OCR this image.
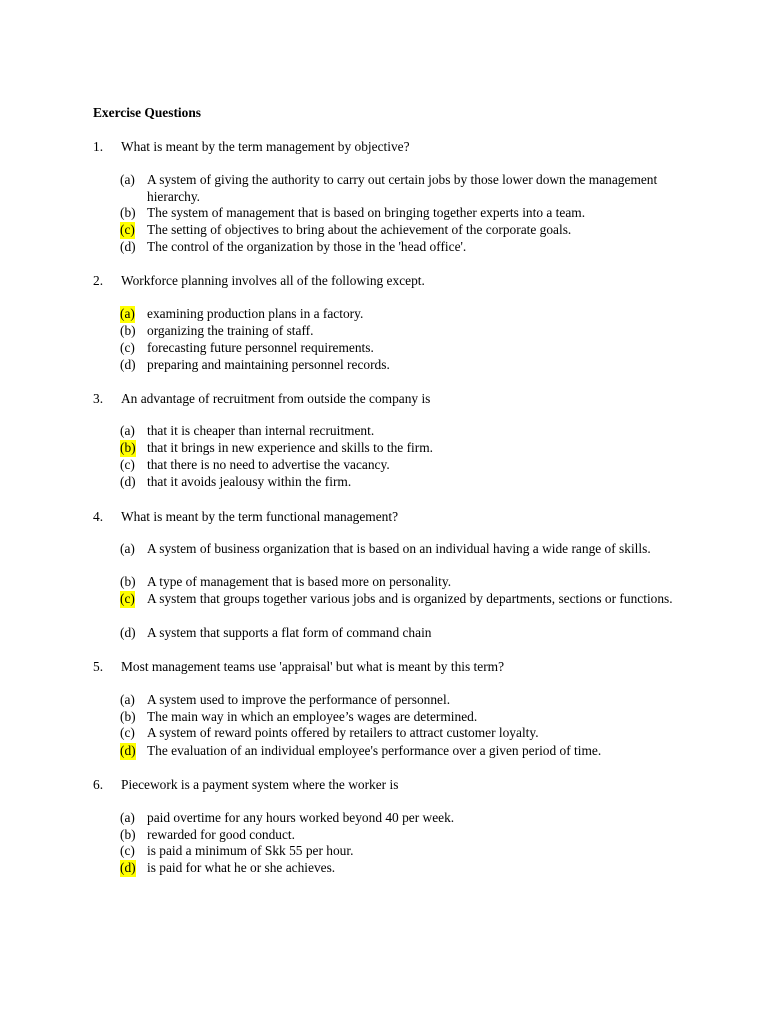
Exercise Questions
1. What is meant by the term management by objective?
(a) A system of giving the authority to carry out certain jobs by those lower down the management hierarchy.
(b) The system of management that is based on bringing together experts into a team.
(c) The setting of objectives to bring about the achievement of the corporate goals.
(d) The control of the organization by those in the 'head office'.
2. Workforce planning involves all of the following except.
(a) examining production plans in a factory.
(b) organizing the training of staff.
(c) forecasting future personnel requirements.
(d) preparing and maintaining personnel records.
3. An advantage of recruitment from outside the company is
(a) that it is cheaper than internal recruitment.
(b) that it brings in new experience and skills to the firm.
(c) that there is no need to advertise the vacancy.
(d) that it avoids jealousy within the firm.
4. What is meant by the term functional management?
(a) A system of business organization that is based on an individual having a wide range of skills.
(b) A type of management that is based more on personality.
(c) A system that groups together various jobs and is organized by departments, sections or functions.
(d) A system that supports a flat form of command chain
5. Most management teams use 'appraisal' but what is meant by this term?
(a) A system used to improve the performance of personnel.
(b) The main way in which an employee’s wages are determined.
(c) A system of reward points offered by retailers to attract customer loyalty.
(d) The evaluation of an individual employee's performance over a given period of time.
6. Piecework is a payment system where the worker is
(a) paid overtime for any hours worked beyond 40 per week.
(b) rewarded for good conduct.
(c) is paid a minimum of Skk 55 per hour.
(d) is paid for what he or she achieves.
